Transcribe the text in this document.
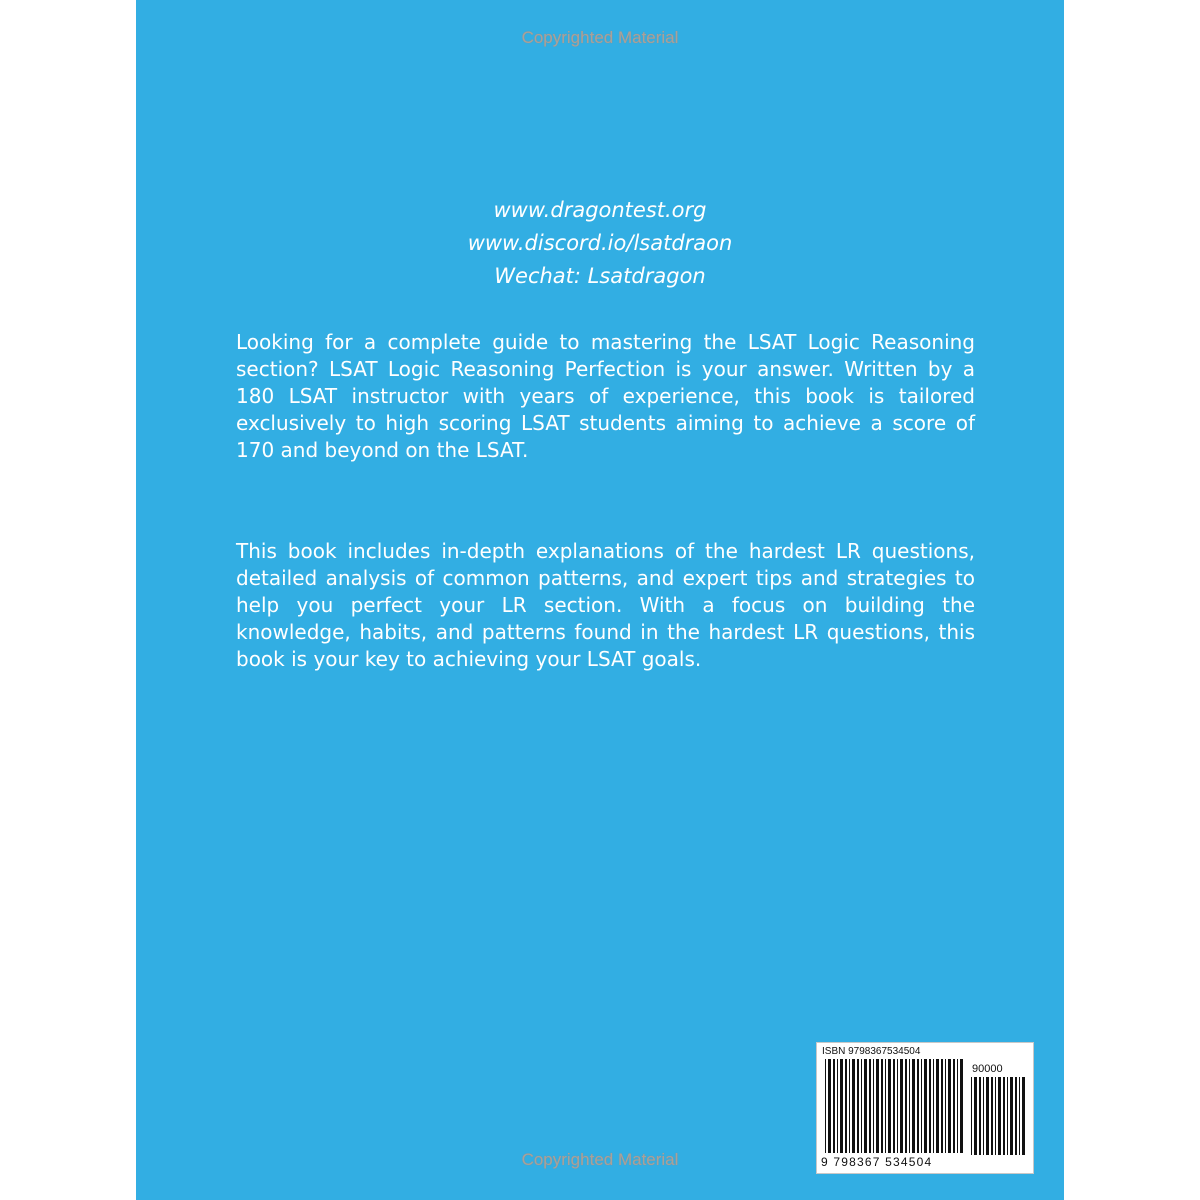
Copyrighted Material
www.dragontest.org
www.discord.io/lsatdraon
Wechat: Lsatdragon
Looking for a complete guide to mastering the LSAT Logic Reasoning section? LSAT Logic Reasoning Perfection is your answer. Written by a 180 LSAT instructor with years of experience, this book is tailored exclusively to high scoring LSAT students aiming to achieve a score of 170 and beyond on the LSAT.
This book includes in-depth explanations of the hardest LR questions, detailed analysis of common patterns, and expert tips and strategies to help you perfect your LR section. With a focus on building the knowledge, habits, and patterns found in the hardest LR questions, this book is your key to achieving your LSAT goals.
ISBN 9798367534504
90000
9 798367 534504
Copyrighted Material
